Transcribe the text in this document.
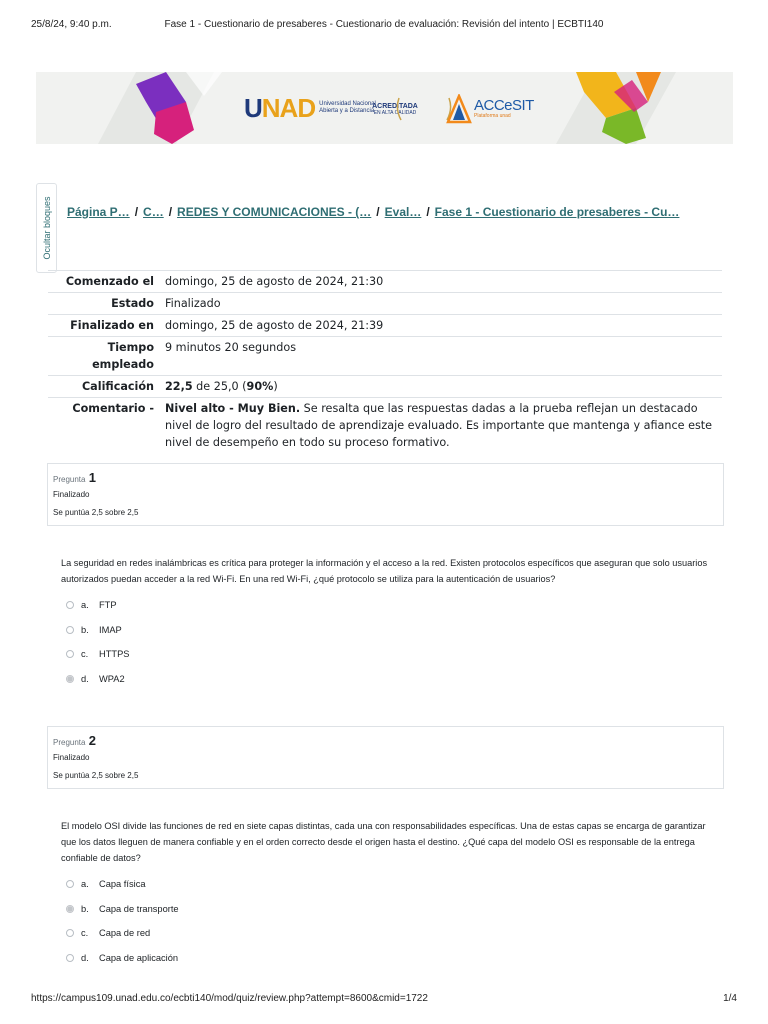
25/8/24, 9:40 p.m.	Fase 1 - Cuestionario de presaberes - Cuestionario de evaluación: Revisión del intento | ECBTI140
UNAD Universidad Nacional
Abierta y a Distancia
ACREDITADA
EN ALTA CALIDAD	ACCeSIT
Plataforma unad
Ocultar bloques Página P… / C… / REDES Y COMUNICACIONES - (… / Eval… / Fase 1 - Cuestionario de presaberes - Cu…
Comenzado el	domingo, 25 de agosto de 2024, 21:30
Estado	Finalizado
Finalizado en	domingo, 25 de agosto de 2024, 21:39
Tiempo empleado	9 minutos 20 segundos
Calificación	22,5 de 25,0 (90%)
Comentario -	Nivel alto - Muy Bien. Se resalta que las respuestas dadas a la prueba reflejan un destacado nivel de logro del resultado de aprendizaje evaluado. Es importante que mantenga y afiance este nivel de desempeño en todo su proceso formativo.
Pregunta 1
Finalizado
Se puntúa 2,5 sobre 2,5
La seguridad en redes inalámbricas es crítica para proteger la información y el acceso a la red. Existen protocolos específicos que aseguran que solo usuarios autorizados puedan acceder a la red Wi-Fi. En una red Wi-Fi, ¿qué protocolo se utiliza para la autenticación de usuarios?
a.	FTP
b.	IMAP
c.	HTTPS
d.	WPA2
Pregunta 2
Finalizado
Se puntúa 2,5 sobre 2,5
El modelo OSI divide las funciones de red en siete capas distintas, cada una con responsabilidades específicas. Una de estas capas se encarga de garantizar que los datos lleguen de manera confiable y en el orden correcto desde el origen hasta el destino. ¿Qué capa del modelo OSI es responsable de la entrega confiable de datos?
a.	Capa física
b.	Capa de transporte
c.	Capa de red
d.	Capa de aplicación
https://campus109.unad.edu.co/ecbti140/mod/quiz/review.php?attempt=8600&cmid=1722	1/4
